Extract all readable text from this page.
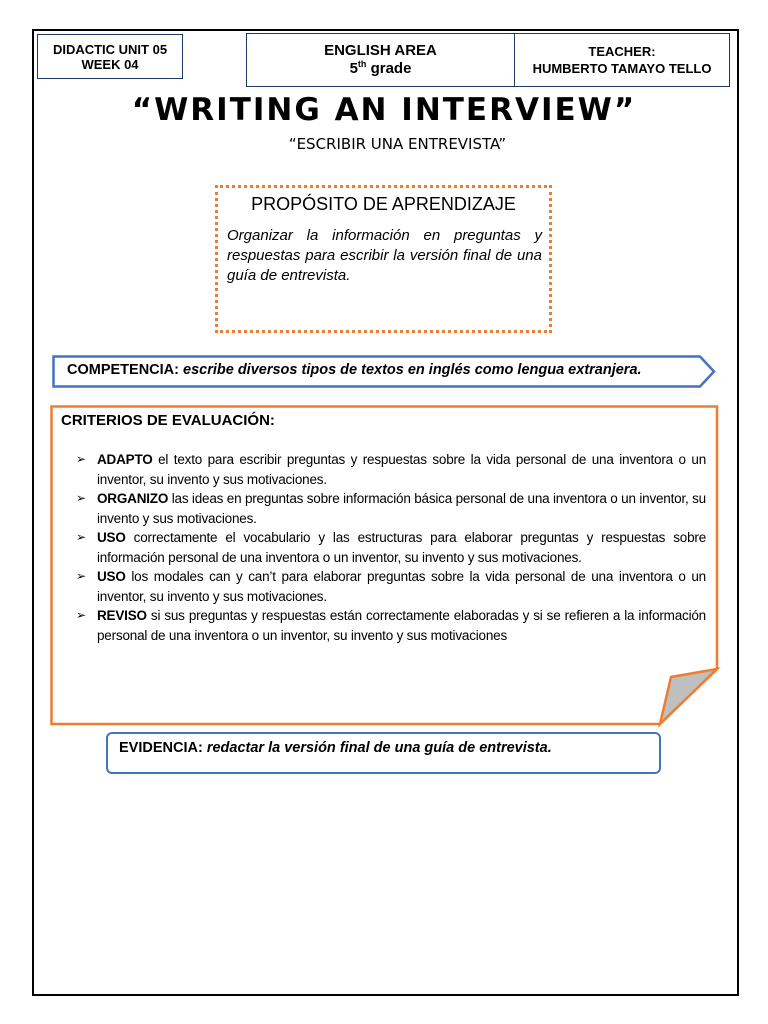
DIDACTIC UNIT 05
WEEK 04
ENGLISH AREA
5th grade
TEACHER:
HUMBERTO TAMAYO TELLO
“WRITING AN INTERVIEW”
“ESCRIBIR UNA ENTREVISTA”
PROPÓSITO DE APRENDIZAJE
Organizar la información en preguntas y respuestas para escribir la versión final de una guía de entrevista.
COMPETENCIA: escribe diversos tipos de textos en inglés como lengua extranjera.
CRITERIOS DE EVALUACIÓN:
➢ ADAPTO el texto para escribir preguntas y respuestas sobre la vida personal de una inventora o un inventor, su invento y sus motivaciones.
➢ ORGANIZO las ideas en preguntas sobre información básica personal de una inventora o un inventor, su invento y sus motivaciones.
➢ USO correctamente el vocabulario y las estructuras para elaborar preguntas y respuestas sobre información personal de una inventora o un inventor, su invento y sus motivaciones.
➢ USO los modales can y can’t para elaborar preguntas sobre la vida personal de una inventora o un inventor, su invento y sus motivaciones.
➢ REVISO si sus preguntas y respuestas están correctamente elaboradas y si se refieren a la información personal de una inventora o un inventor, su invento y sus motivaciones
EVIDENCIA: redactar la versión final de una guía de entrevista.
